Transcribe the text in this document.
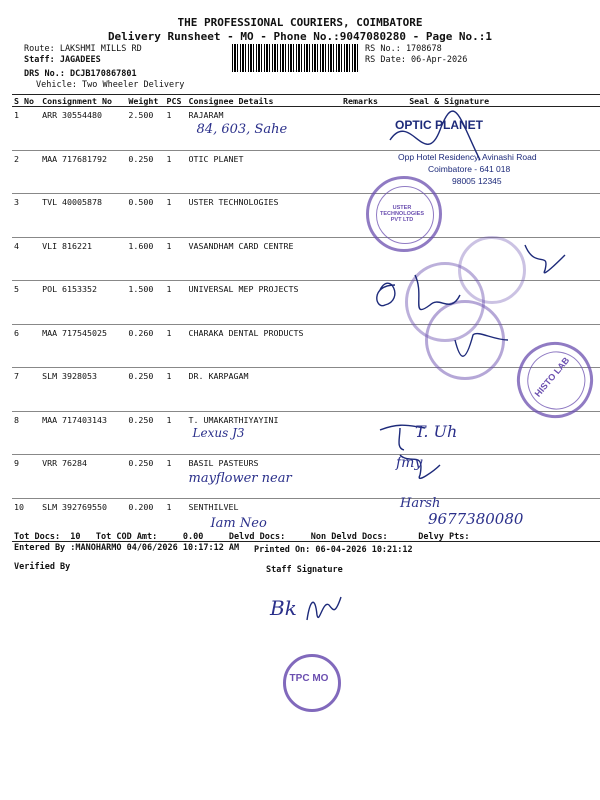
THE PROFESSIONAL COURIERS, COIMBATORE
Delivery Runsheet - MO - Phone No.:9047080280 - Page No.:1
Route: LAKSHMI MILLS RD
Staff: JAGADEES
DRS No.: DCJB170867801
Vehicle: Two Wheeler Delivery
RS No.: 1708678
RS Date: 06-Apr-2026
S No	Consignment No	Weight	PCS	Consignee Details	Remarks	Seal & Signature
1	ARR 30554480	2.500	1	RAJARAM
84, 603, Sahe		

2	MAA 717681792	0.250	1	OTIC PLANET		
3	TVL 40005878	0.500	1	USTER TECHNOLOGIES		
4	VLI 816221	1.600	1	VASANDHAM CARD CENTRE		
5	POL 6153352	1.500	1	UNIVERSAL MEP PROJECTS		
6	MAA 717545025	0.260	1	CHARAKA DENTAL PRODUCTS		
7	SLM 3928053	0.250	1	DR. KARPAGAM		
8	MAA 717403143	0.250	1	T. UMAKARTHIYAYINI
Lexus J3		

9	VRR 76284	0.250	1	BASIL PASTEURS
mayflower near		

10	SLM 392769550	0.200	1	SENTHILVEL
Iam Neo		

OPTIC PLANET
Opp Hotel Residency, Avinashi Road
Coimbatore - 641 018
98005 12345
USTER TECHNOLOGIES PVT LTD
HISTO LAB
T. Uh
fmy
Harsh
9677380080
Tot Docs:  10   Tot COD Amt:     0.00     Delvd Docs:     Non Delvd Docs:      Delvy Pts:
Entered By :MANOHARMO 04/06/2026 10:17:12 AM Printed On: 06-04-2026 10:21:12
Verified By	Staff Signature
Bk
TPC MO
